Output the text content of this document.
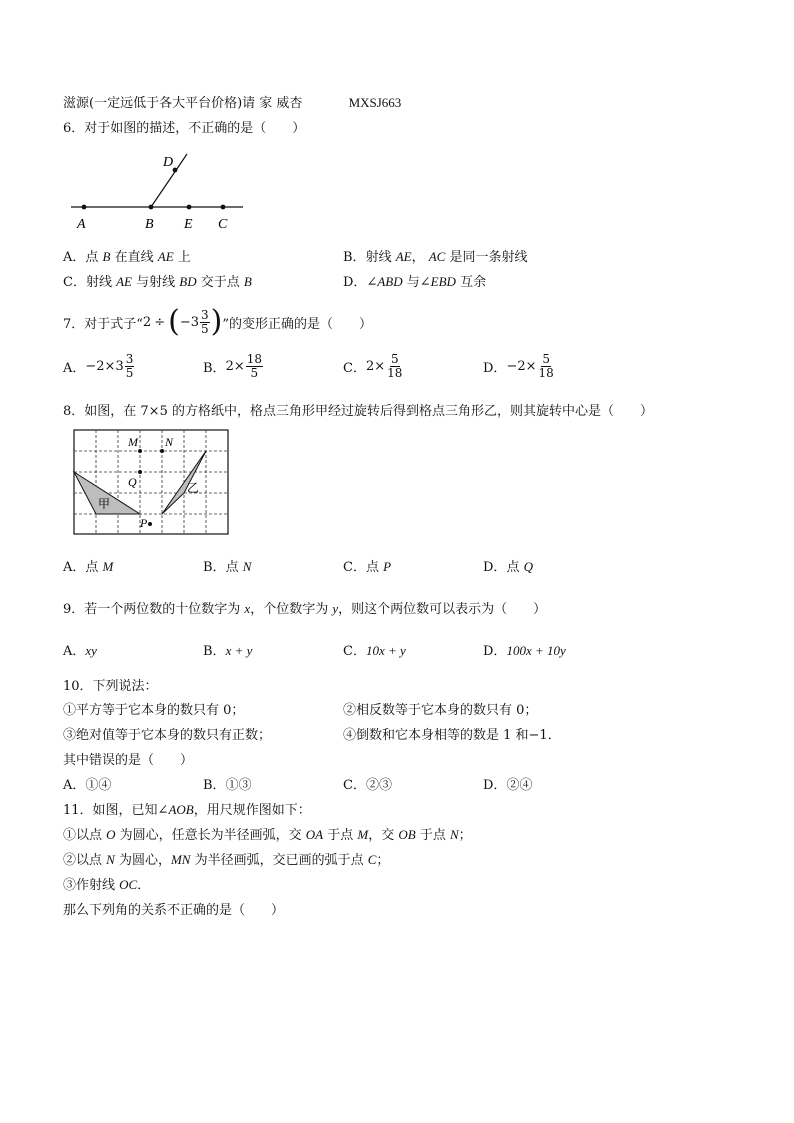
滋源(一定远低于各大平台价格)请 家 威杏	MXSJ663
6．对于如图的描述，不正确的是（　　）
A	B E C
D
A．点 B 在直线 AE 上	B．射线 AE， AC 是同一条射线
C．射线 AE 与射线 BD 交于点 B	D．∠ABD 与∠EBD 互余
7．对于式子“ 2 ÷ ( $-3 \frac{3}{5}$ ) ”的变形正确的是（　　）
A． $-2\times 3 \frac{3}{5}$	B． $2\times \frac{18}{5}$	C． $2\times \frac{5}{18}$	D． $-2\times \frac{5}{18}$
8．如图，在 7×5 的方格纸中，格点三角形甲经过旋转后得到格点三角形乙，则其旋转中心是（　　）
M N
Q
P
甲
乙
A．点 M	B．点 N	C．点 P	D．点 Q
9．若一个两位数的十位数字为 x，个位数字为 y，则这个两位数可以表示为（　　）
A．xy	B．x + y	C．10x + y	D．100x + 10y
10．下列说法：
①平方等于它本身的数只有 0；	②相反数等于它本身的数只有 0；
③绝对值等于它本身的数只有正数；	④倒数和它本身相等的数是 1 和−1．
其中错误的是（　　）
A．①④	B．①③	C．②③	D．②④
11．如图，已知∠AOB，用尺规作图如下：
①以点 O 为圆心，任意长为半径画弧，交 OA 于点 M，交 OB 于点 N；
②以点 N 为圆心，MN 为半径画弧，交已画的弧于点 C；
③作射线 OC．
那么下列角的关系不正确的是（　　）
